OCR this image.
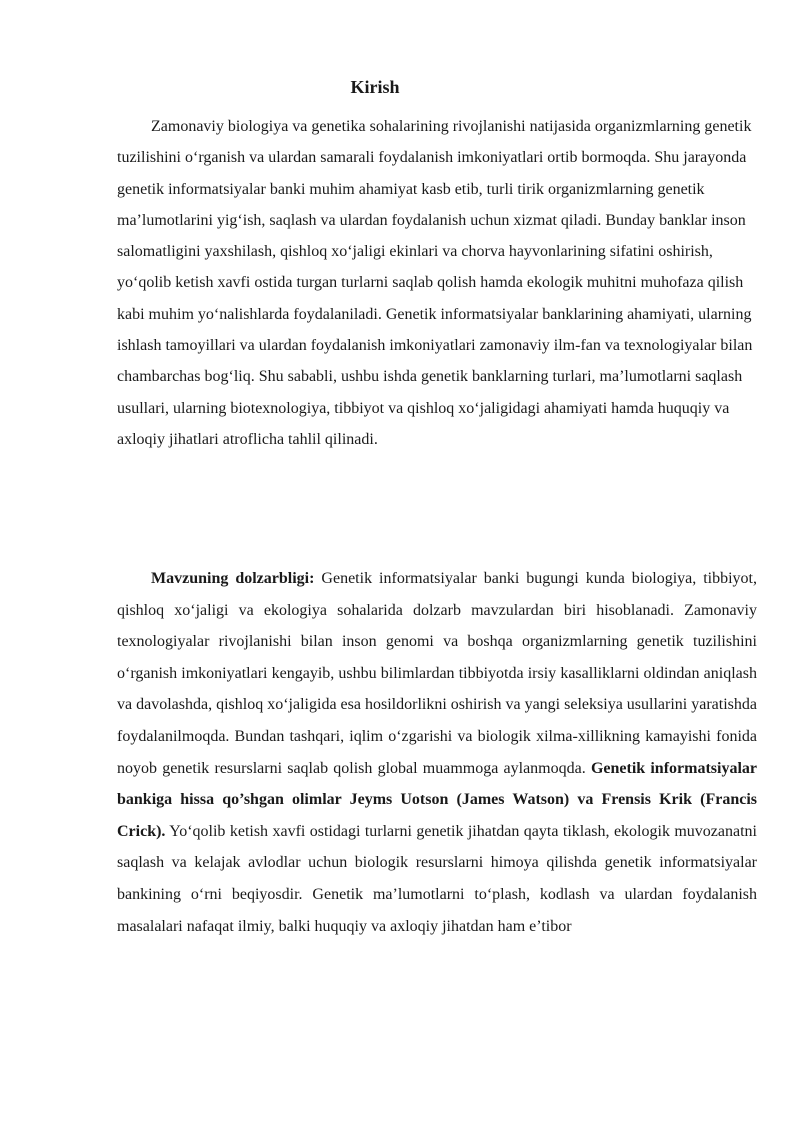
Kirish

Zamonaviy biologiya va genetika sohalarining rivojlanishi natijasida organizmlarning genetik tuzilishini o‘rganish va ulardan samarali foydalanish imkoniyatlari ortib bormoqda. Shu jarayonda genetik informatsiyalar banki muhim ahamiyat kasb etib, turli tirik organizmlarning genetik ma’lumotlarini yig‘ish, saqlash va ulardan foydalanish uchun xizmat qiladi. Bunday banklar inson salomatligini yaxshilash, qishloq xo‘jaligi ekinlari va chorva hayvonlarining sifatini oshirish, yo‘qolib ketish xavfi ostida turgan turlarni saqlab qolish hamda ekologik muhitni muhofaza qilish kabi muhim yo‘nalishlarda foydalaniladi. Genetik informatsiyalar banklarining ahamiyati, ularning ishlash tamoyillari va ulardan foydalanish imkoniyatlari zamonaviy ilm-fan va texnologiyalar bilan chambarchas bog‘liq. Shu sababli, ushbu ishda genetik banklarning turlari, ma’lumotlarni saqlash usullari, ularning biotexnologiya, tibbiyot va qishloq xo‘jaligidagi ahamiyati hamda huquqiy va axloqiy jihatlari atroflicha tahlil qilinadi.

Mavzuning dolzarbligi: Genetik informatsiyalar banki bugungi kunda biologiya, tibbiyot, qishloq xo‘jaligi va ekologiya sohalarida dolzarb mavzulardan biri hisoblanadi. Zamonaviy texnologiyalar rivojlanishi bilan inson genomi va boshqa organizmlarning genetik tuzilishini o‘rganish imkoniyatlari kengayib, ushbu bilimlardan tibbiyotda irsiy kasalliklarni oldindan aniqlash va davolashda, qishloq xo‘jaligida esa hosildorlikni oshirish va yangi seleksiya usullarini yaratishda foydalanilmoqda. Bundan tashqari, iqlim o‘zgarishi va biologik xilma-xillikning kamayishi fonida noyob genetik resurslarni saqlab qolish global muammoga aylanmoqda. Genetik informatsiyalar bankiga hissa qo’shgan olimlar Jeyms Uotson (James Watson) va Frensis Krik (Francis Crick). Yo‘qolib ketish xavfi ostidagi turlarni genetik jihatdan qayta tiklash, ekologik muvozanatni saqlash va kelajak avlodlar uchun biologik resurslarni himoya qilishda genetik informatsiyalar bankining o‘rni beqiyosdir. Genetik ma’lumotlarni to‘plash, kodlash va ulardan foydalanish masalalari nafaqat ilmiy, balki huquqiy va axloqiy jihatdan ham e’tibor
